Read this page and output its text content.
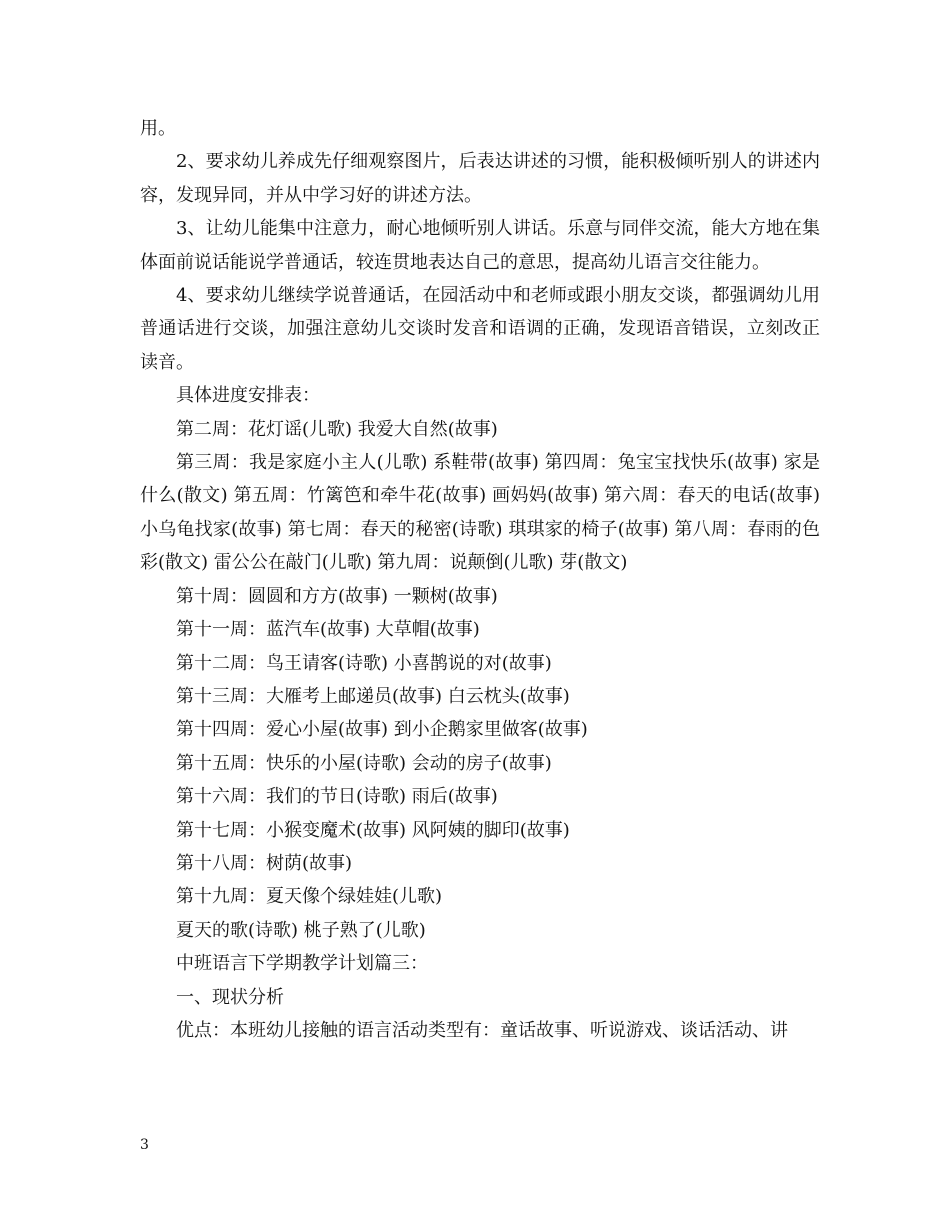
用。

2、要求幼儿养成先仔细观察图片，后表达讲述的习惯，能积极倾听别人的讲述内容，发现异同，并从中学习好的讲述方法。

3、让幼儿能集中注意力，耐心地倾听别人讲话。乐意与同伴交流，能大方地在集体面前说话能说学普通话，较连贯地表达自己的意思，提高幼儿语言交往能力。

4、要求幼儿继续学说普通话，在园活动中和老师或跟小朋友交谈，都强调幼儿用普通话进行交谈，加强注意幼儿交谈时发音和语调的正确，发现语音错误，立刻改正读音。

具体进度安排表：

第二周：花灯谣(儿歌) 我爱大自然(故事)

第三周：我是家庭小主人(儿歌) 系鞋带(故事) 第四周：兔宝宝找快乐(故事) 家是什么(散文) 第五周：竹篱笆和牵牛花(故事) 画妈妈(故事) 第六周：春天的电话(故事) 小乌龟找家(故事) 第七周：春天的秘密(诗歌) 琪琪家的椅子(故事) 第八周：春雨的色彩(散文) 雷公公在敲门(儿歌) 第九周：说颠倒(儿歌) 芽(散文)

第十周：圆圆和方方(故事) 一颗树(故事)

第十一周：蓝汽车(故事) 大草帽(故事)

第十二周：鸟王请客(诗歌) 小喜鹊说的对(故事)

第十三周：大雁考上邮递员(故事) 白云枕头(故事)

第十四周：爱心小屋(故事) 到小企鹅家里做客(故事)

第十五周：快乐的小屋(诗歌) 会动的房子(故事)

第十六周：我们的节日(诗歌) 雨后(故事)

第十七周：小猴变魔术(故事) 风阿姨的脚印(故事)

第十八周：树荫(故事)

第十九周：夏天像个绿娃娃(儿歌)

夏天的歌(诗歌) 桃子熟了(儿歌)

中班语言下学期教学计划篇三：

一、现状分析

优点：本班幼儿接触的语言活动类型有：童话故事、听说游戏、谈话活动、讲

3
